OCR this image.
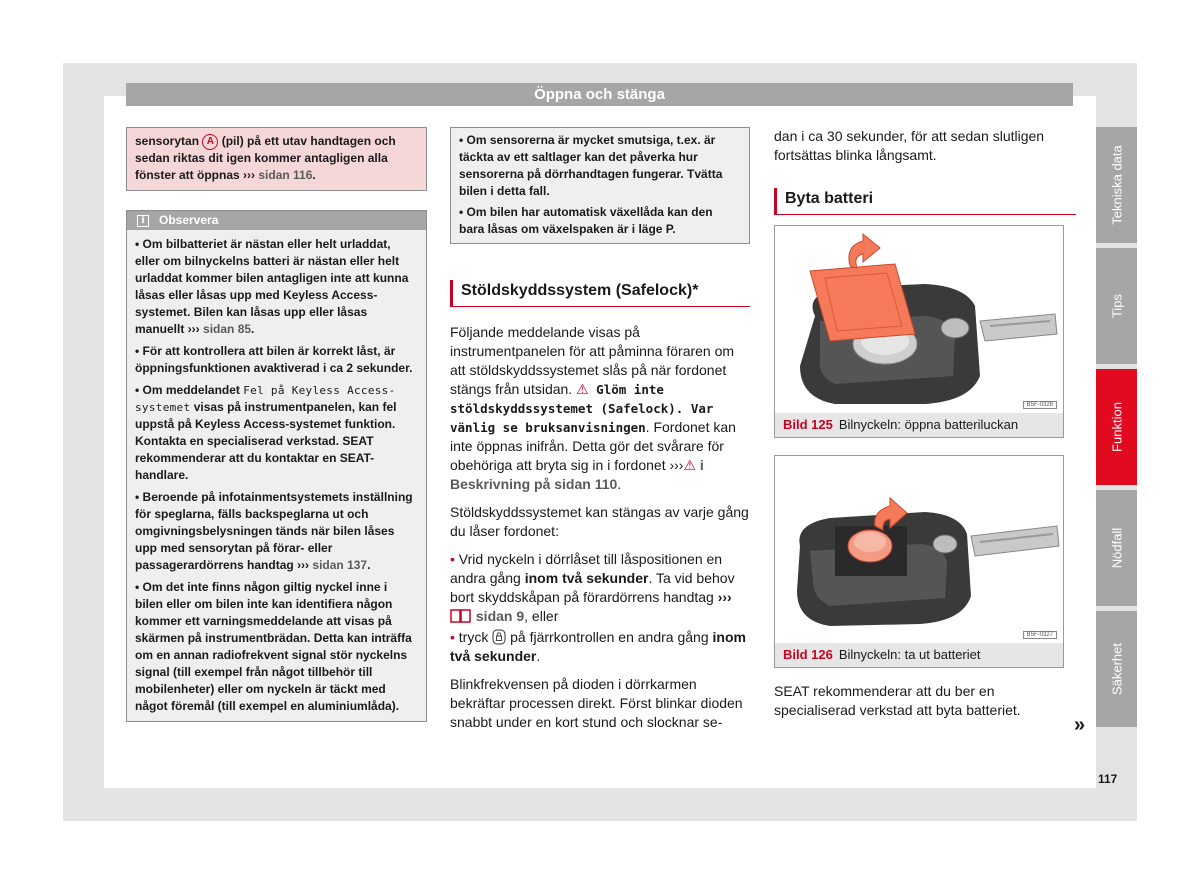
Öppna och stänga
sensorytan A (pil) på ett utav handtagen och sedan riktas dit igen kommer antagligen alla fönster att öppnas ››› sidan 116.
i	Observera

• Om bilbatteriet är nästan eller helt urladdat, eller om bilnyckelns batteri är nästan eller helt urladdat kommer bilen antagligen inte att kunna låsas eller låsas upp med Keyless Access-systemet. Bilen kan låsas upp eller låsas manuellt ››› sidan 85.

• För att kontrollera att bilen är korrekt låst, är öppningsfunktionen avaktiverad i ca 2 sekunder.

• Om meddelandet Fel på Keyless Access-systemet visas på instrumentpanelen, kan fel uppstå på Keyless Access-systemet funktion. Kontakta en specialiserad verkstad. SEAT rekommenderar att du kontaktar en SEAT-handlare.

• Beroende på infotainmentsystemets inställning för speglarna, fälls backspeglarna ut och omgivningsbelysningen tänds när bilen låses upp med sensorytan på förar- eller passagerardörrens handtag ››› sidan 137.

• Om det inte finns någon giltig nyckel inne i bilen eller om bilen inte kan identifiera någon kommer ett varningsmeddelande att visas på skärmen på instrumentbrädan. Detta kan inträffa om en annan radiofrekvent signal stör nyckelns signal (till exempel från något tillbehör till mobilenheter) eller om nyckeln är täckt med något föremål (till exempel en aluminiumlåda).

• Om sensorerna är mycket smutsiga, t.ex. är täckta av ett saltlager kan det påverka hur sensorerna på dörrhandtagen fungerar. Tvätta bilen i detta fall.

• Om bilen har automatisk växellåda kan den bara låsas om växelspaken är i läge P.

Stöldskyddssystem (Safelock)*

Följande meddelande visas på instrumentpanelen för att påminna föraren om att stöldskyddssystemet slås på när fordonet stängs från utsidan. ⚠ Glöm inte stöldskyddssystemet (Safelock). Var vänlig se bruksanvisningen. Fordonet kan inte öppnas inifrån. Detta gör det svårare för obehöriga att bryta sig in i fordonet ›››⚠ i Beskrivning på sidan 110.

Stöldskyddssystemet kan stängas av varje gång du låser fordonet:

• Vrid nyckeln i dörrlåset till låspositionen en andra gång inom två sekunder. Ta vid behov bort skyddskåpan på förardörrens handtag ›››  sidan 9, eller

• tryck  på fjärrkontrollen en andra gång inom två sekunder.

Blinkfrekvensen på dioden i dörrkarmen bekräftar processen direkt. Först blinkar dioden snabbt under en kort stund och slocknar se-

dan i ca 30 sekunder, för att sedan slutligen fortsättas blinka långsamt.
Byta batteri
B5F-0326
Bild 125 Bilnyckeln: öppna batteriluckan
B5F-0327
Bild 126 Bilnyckeln: ta ut batteriet
SEAT rekommenderar att du ber en specialiserad verkstad att byta batteriet.
»
Tekniska data
Tips
Funktion
Nödfall
Säkerhet
117
